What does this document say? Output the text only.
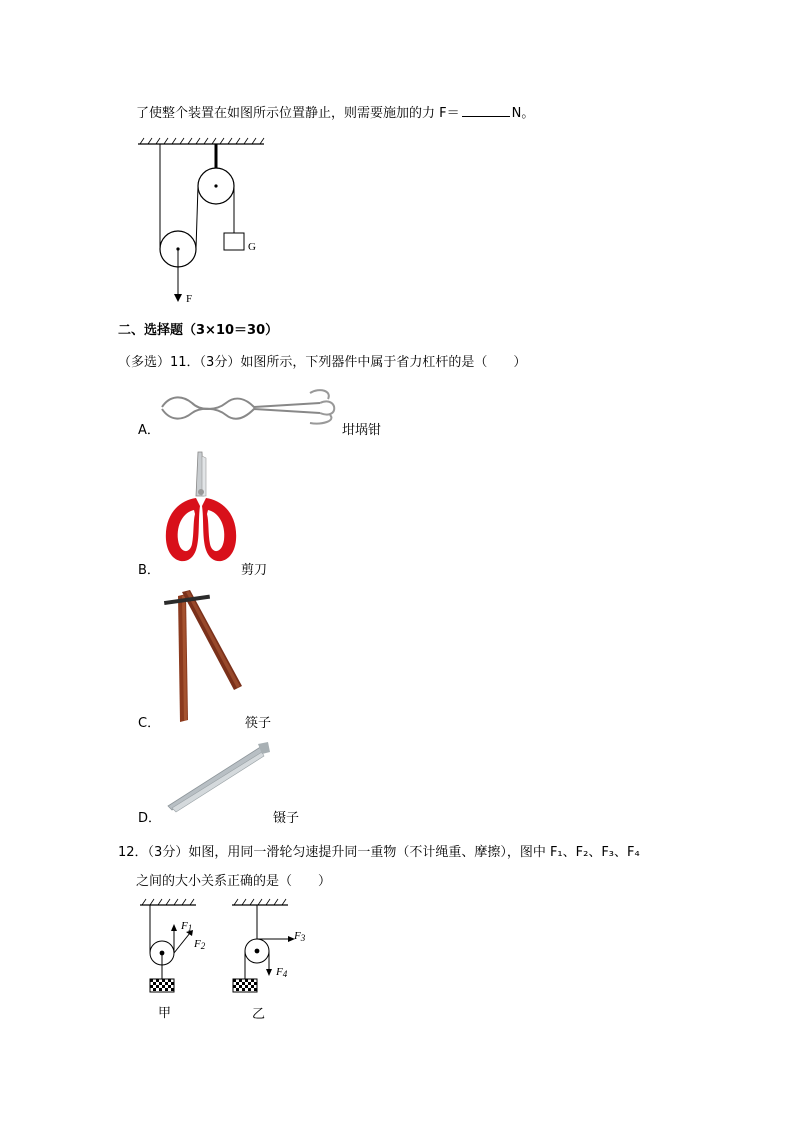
了使整个装置在如图所示位置静止，则需要施加的力 F＝	N。
G
F
二、选择题（3×10＝30）
（多选）11．（3分）如图所示，下列器件中属于省力杠杆的是（　　）
A．	坩埚钳
B．	剪刀
C．	筷子
D．	镊子
12．（3分）如图，用同一滑轮匀速提升同一重物（不计绳重、摩擦），图中 F₁、F₂、F₃、F₄
之间的大小关系正确的是（　　）
$F_1$
$F_2$
甲
$F_3$
$F_4$
乙
